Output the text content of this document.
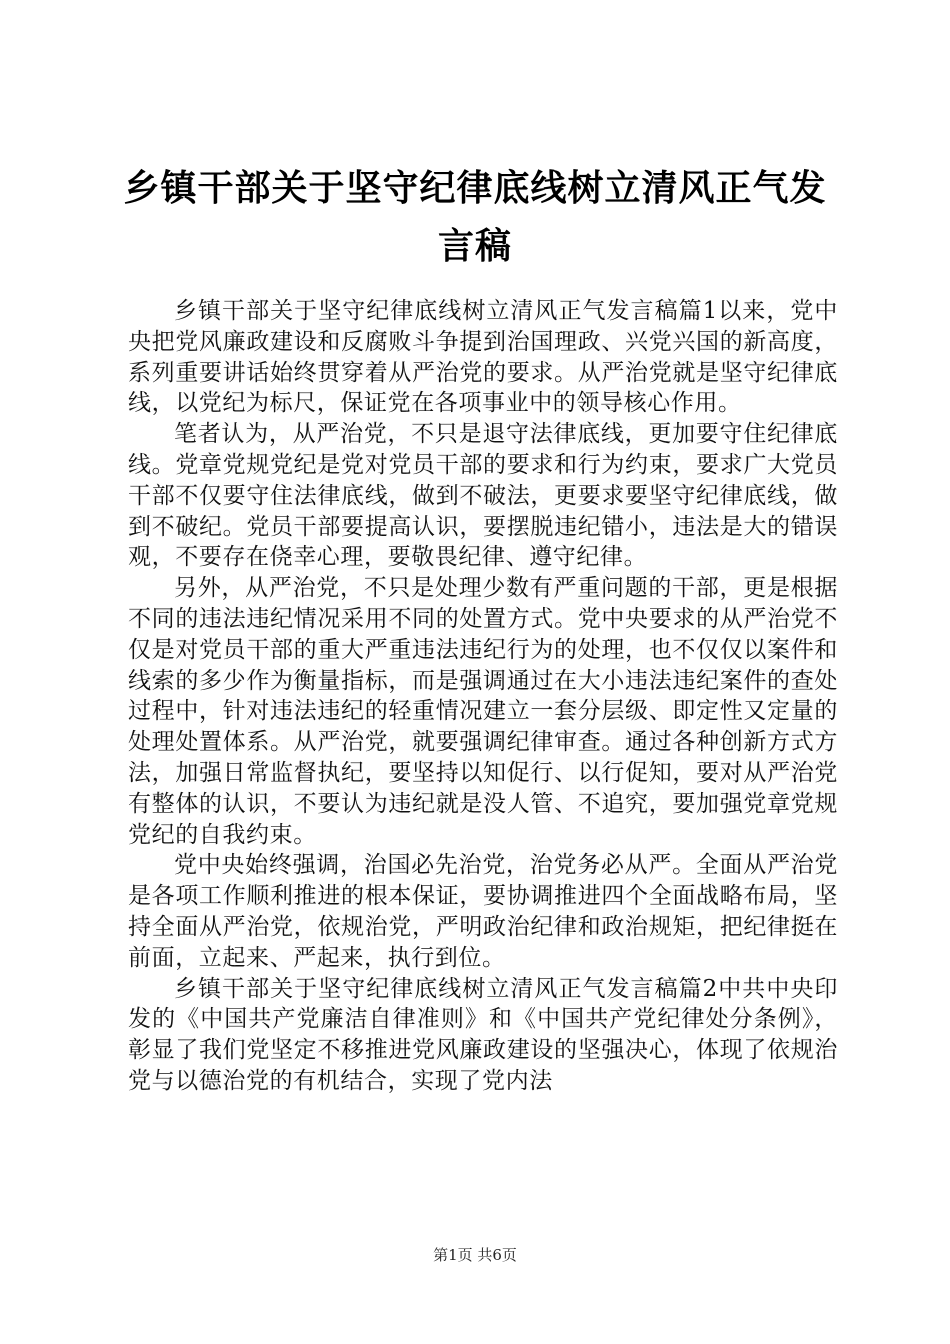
乡镇干部关于坚守纪律底线树立清风正气发言稿

乡镇干部关于坚守纪律底线树立清风正气发言稿篇1以来，党中央把党风廉政建设和反腐败斗争提到治国理政、兴党兴国的新高度，系列重要讲话始终贯穿着从严治党的要求。从严治党就是坚守纪律底线，以党纪为标尺，保证党在各项事业中的领导核心作用。

笔者认为，从严治党，不只是退守法律底线，更加要守住纪律底线。党章党规党纪是党对党员干部的要求和行为约束，要求广大党员干部不仅要守住法律底线，做到不破法，更要求要坚守纪律底线，做到不破纪。党员干部要提高认识，要摆脱违纪错小，违法是大的错误观，不要存在侥幸心理，要敬畏纪律、遵守纪律。

另外，从严治党，不只是处理少数有严重问题的干部，更是根据不同的违法违纪情况采用不同的处置方式。党中央要求的从严治党不仅是对党员干部的重大严重违法违纪行为的处理，也不仅仅以案件和线索的多少作为衡量指标，而是强调通过在大小违法违纪案件的查处过程中，针对违法违纪的轻重情况建立一套分层级、即定性又定量的处理处置体系。从严治党，就要强调纪律审查。通过各种创新方式方法，加强日常监督执纪，要坚持以知促行、以行促知，要对从严治党有整体的认识，不要认为违纪就是没人管、不追究，要加强党章党规党纪的自我约束。

党中央始终强调，治国必先治党，治党务必从严。全面从严治党是各项工作顺利推进的根本保证，要协调推进四个全面战略布局，坚持全面从严治党，依规治党，严明政治纪律和政治规矩，把纪律挺在前面，立起来、严起来，执行到位。

乡镇干部关于坚守纪律底线树立清风正气发言稿篇2中共中央印发的《中国共产党廉洁自律准则》和《中国共产党纪律处分条例》，彰显了我们党坚定不移推进党风廉政建设的坚强决心，体现了依规治党与以德治党的有机结合，实现了党内法

第1页 共6页
